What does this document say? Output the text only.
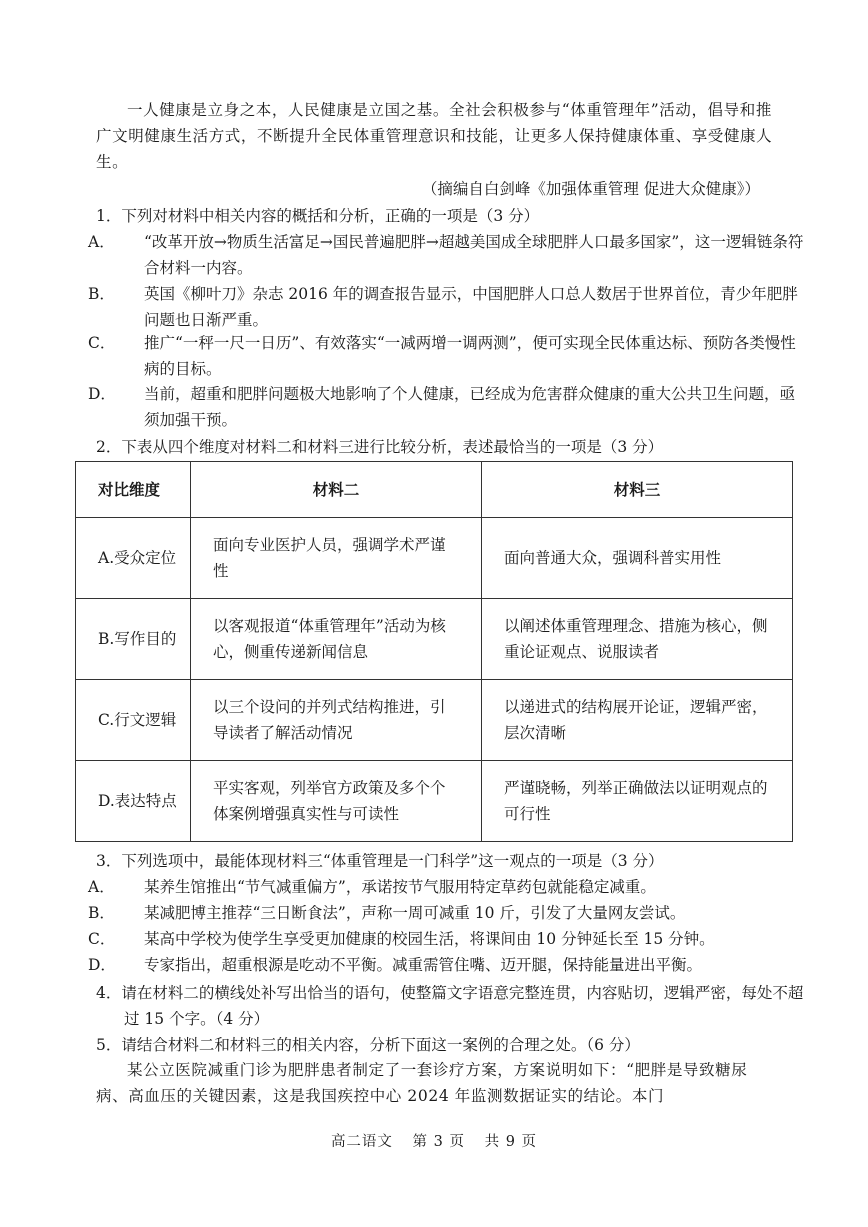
一人健康是立身之本，人民健康是立国之基。全社会积极参与“体重管理年”活动，倡导和推广文明健康生活方式，不断提升全民体重管理意识和技能，让更多人保持健康体重、享受健康人生。

（摘编自白剑峰《加强体重管理 促进大众健康》）

1．下列对材料中相关内容的概括和分析，正确的一项是（3 分）

A． “改革开放→物质生活富足→国民普遍肥胖→超越美国成全球肥胖人口最多国家”，这一逻辑链条符合材料一内容。

B． 英国《柳叶刀》杂志 2016 年的调查报告显示，中国肥胖人口总人数居于世界首位，青少年肥胖问题也日渐严重。

C． 推广“一秤一尺一日历”、有效落实“一减两增一调两测”，便可实现全民体重达标、预防各类慢性病的目标。

D． 当前，超重和肥胖问题极大地影响了个人健康，已经成为危害群众健康的重大公共卫生问题，亟须加强干预。

2．下表从四个维度对材料二和材料三进行比较分析，表述最恰当的一项是（3 分）

对比维度	材料二	材料三
A.受众定位	面向专业医护人员，强调学术严谨性	面向普通大众，强调科普实用性
B.写作目的	以客观报道“体重管理年”活动为核心，侧重传递新闻信息	以阐述体重管理理念、措施为核心，侧重论证观点、说服读者
C.行文逻辑	以三个设问的并列式结构推进，引导读者了解活动情况	以递进式的结构展开论证，逻辑严密，层次清晰
D.表达特点	平实客观，列举官方政策及多个个体案例增强真实性与可读性	严谨晓畅，列举正确做法以证明观点的可行性

3．下列选项中，最能体现材料三“体重管理是一门科学”这一观点的一项是（3 分）

A． 某养生馆推出“节气减重偏方”，承诺按节气服用特定草药包就能稳定减重。

B． 某减肥博主推荐“三日断食法”，声称一周可减重 10 斤，引发了大量网友尝试。

C． 某高中学校为使学生享受更加健康的校园生活，将课间由 10 分钟延长至 15 分钟。

D． 专家指出，超重根源是吃动不平衡。减重需管住嘴、迈开腿，保持能量进出平衡。

4．请在材料二的横线处补写出恰当的语句，使整篇文字语意完整连贯，内容贴切，逻辑严密，每处不超过 15 个字。（4 分）

5．请结合材料二和材料三的相关内容，分析下面这一案例的合理之处。（6 分）

某公立医院减重门诊为肥胖患者制定了一套诊疗方案，方案说明如下：“肥胖是导致糖尿病、高血压的关键因素，这是我国疾控中心 2024 年监测数据证实的结论。本门

高二语文 第 3 页 共 9 页
